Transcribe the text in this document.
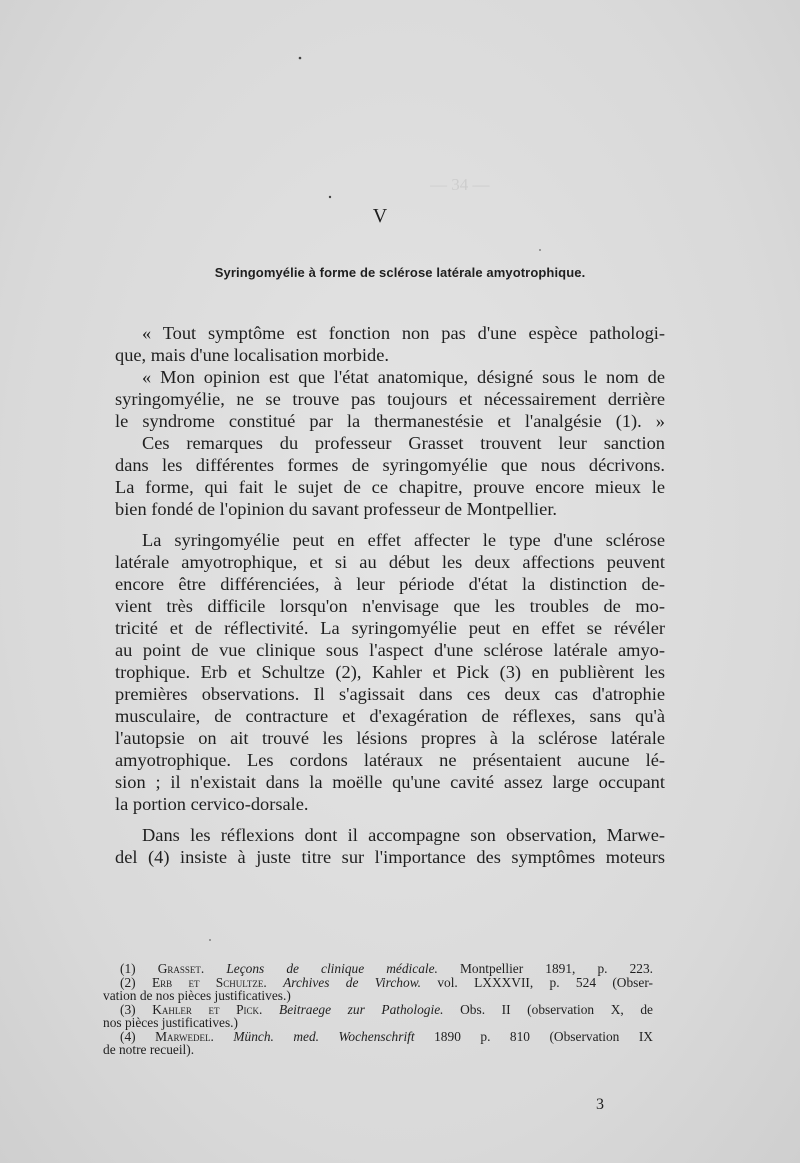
— 34 —
V
Syringomyélie à forme de sclérose latérale amyotrophique.
« Tout symptôme est fonction non pas d'une espèce pathologi-
que, mais d'une localisation morbide.
« Mon opinion est que l'état anatomique, désigné sous le nom de
syringomyélie, ne se trouve pas toujours et nécessairement derrière
le syndrome constitué par la thermanestésie et l'analgésie (1). »
Ces remarques du professeur Grasset trouvent leur sanction
dans les différentes formes de syringomyélie que nous décrivons.
La forme, qui fait le sujet de ce chapitre, prouve encore mieux le
bien fondé de l'opinion du savant professeur de Montpellier.
La syringomyélie peut en effet affecter le type d'une sclérose
latérale amyotrophique, et si au début les deux affections peuvent
encore être différenciées, à leur période d'état la distinction de-
vient très difficile lorsqu'on n'envisage que les troubles de mo-
tricité et de réflectivité. La syringomyélie peut en effet se révéler
au point de vue clinique sous l'aspect d'une sclérose latérale amyo-
trophique. Erb et Schultze (2), Kahler et Pick (3) en publièrent les
premières observations. Il s'agissait dans ces deux cas d'atrophie
musculaire, de contracture et d'exagération de réflexes, sans qu'à
l'autopsie on ait trouvé les lésions propres à la sclérose latérale
amyotrophique. Les cordons latéraux ne présentaient aucune lé-
sion ; il n'existait dans la moëlle qu'une cavité assez large occupant
la portion cervico-dorsale.
Dans les réflexions dont il accompagne son observation, Marwe-
del (4) insiste à juste titre sur l'importance des symptômes moteurs
(1) Grasset. Leçons de clinique médicale. Montpellier 1891, p. 223.
(2) Erb et Schultze. Archives de Virchow. vol. LXXXVII, p. 524 (Obser-
vation de nos pièces justificatives.)
(3) Kahler et Pick. Beitraege zur Pathologie. Obs. II (observation X, de
nos pièces justificatives.)
(4) Marwedel. Münch. med. Wochenschrift 1890 p. 810 (Observation IX
de notre recueil).
3
